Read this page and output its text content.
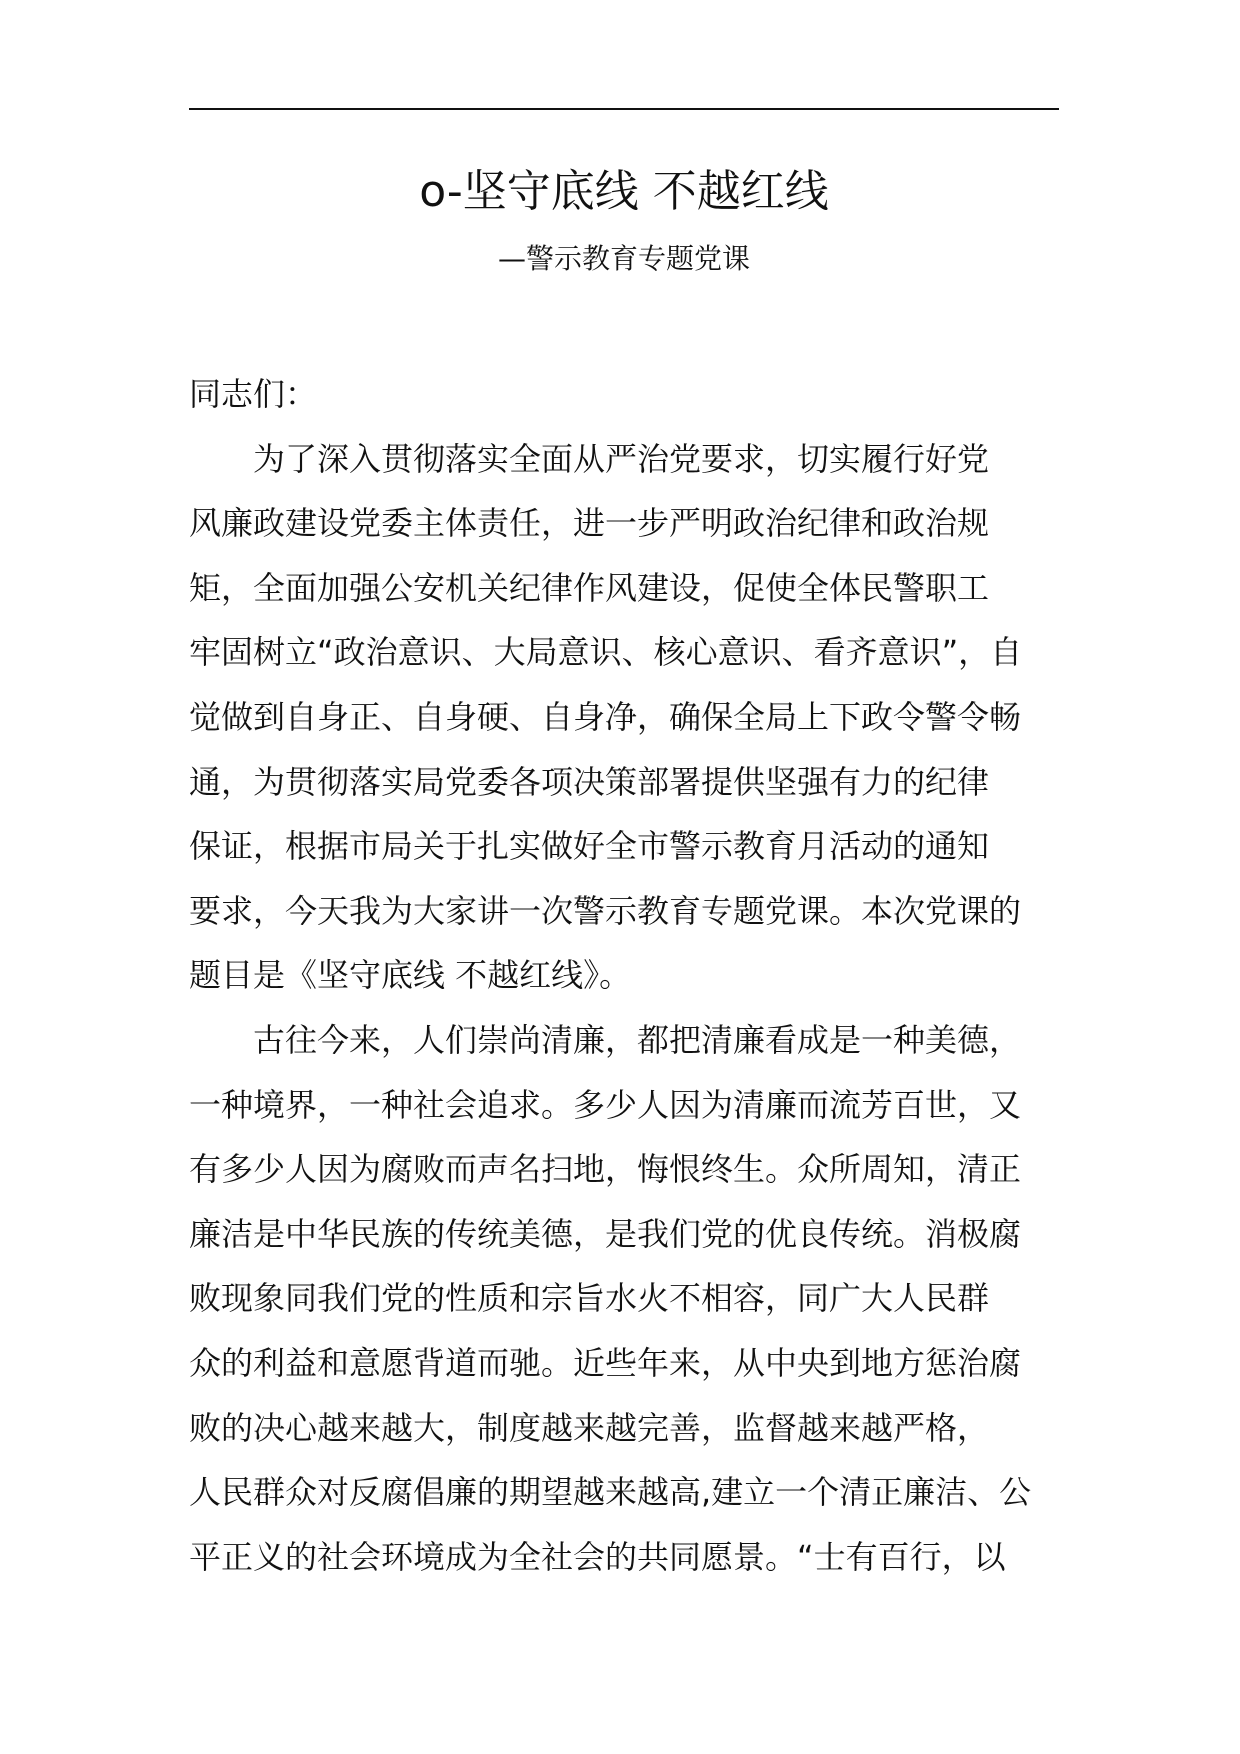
o-坚守底线 不越红线
—警示教育专题党课
同志们：
为了深入贯彻落实全面从严治党要求，切实履行好党
风廉政建设党委主体责任，进一步严明政治纪律和政治规
矩，全面加强公安机关纪律作风建设，促使全体民警职工
牢固树立“政治意识、大局意识、核心意识、看齐意识”，自
觉做到自身正、自身硬、自身净，确保全局上下政令警令畅
通，为贯彻落实局党委各项决策部署提供坚强有力的纪律
保证，根据市局关于扎实做好全市警示教育月活动的通知
要求，今天我为大家讲一次警示教育专题党课。本次党课的
题目是《坚守底线 不越红线》。
古往今来，人们崇尚清廉，都把清廉看成是一种美德，
一种境界，一种社会追求。多少人因为清廉而流芳百世，又
有多少人因为腐败而声名扫地，悔恨终生。众所周知，清正
廉洁是中华民族的传统美德，是我们党的优良传统。消极腐
败现象同我们党的性质和宗旨水火不相容，同广大人民群
众的利益和意愿背道而驰。近些年来，从中央到地方惩治腐
败的决心越来越大，制度越来越完善，监督越来越严格，
人民群众对反腐倡廉的期望越来越高,建立一个清正廉洁、公
平正义的社会环境成为全社会的共同愿景。“士有百行，以
